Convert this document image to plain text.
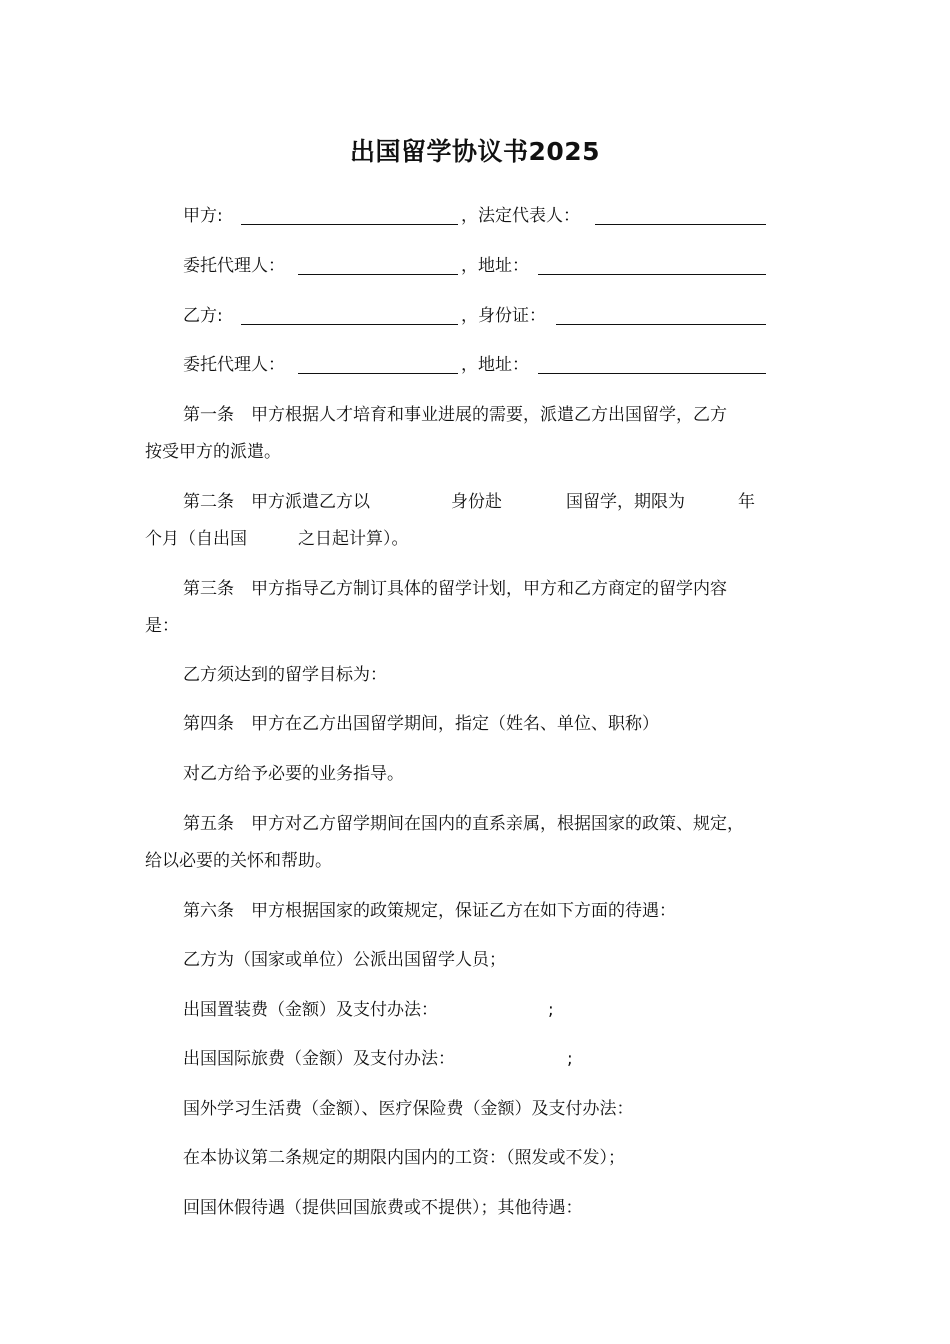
出国留学协议书2025
甲方:	，法定代表人：
委托代理人：	，地址：
乙方:	，身份证：
委托代理人：	，地址：
第一条　甲方根据人才培育和事业进展的需要，派遣乙方出国留学，乙方
按受甲方的派遣。
第二条　甲方派遣乙方以	身份赴	国留学，期限为	年
个月（自出国	之日起计算）。
第三条　甲方指导乙方制订具体的留学计划，甲方和乙方商定的留学内容
是：
乙方须达到的留学目标为：
第四条　甲方在乙方出国留学期间，指定（姓名、单位、职称）
对乙方给予必要的业务指导。
第五条　甲方对乙方留学期间在国内的直系亲属，根据国家的政策、规定，
给以必要的关怀和帮助。
第六条　甲方根据国家的政策规定，保证乙方在如下方面的待遇：
乙方为（国家或单位）公派出国留学人员；
出国置装费（金额）及支付办法：	;
出国国际旅费（金额）及支付办法：	;
国外学习生活费（金额）、医疗保险费（金额）及支付办法：
在本协议第二条规定的期限内国内的工资：（照发或不发）；
回国休假待遇（提供回国旅费或不提供）；其他待遇：
